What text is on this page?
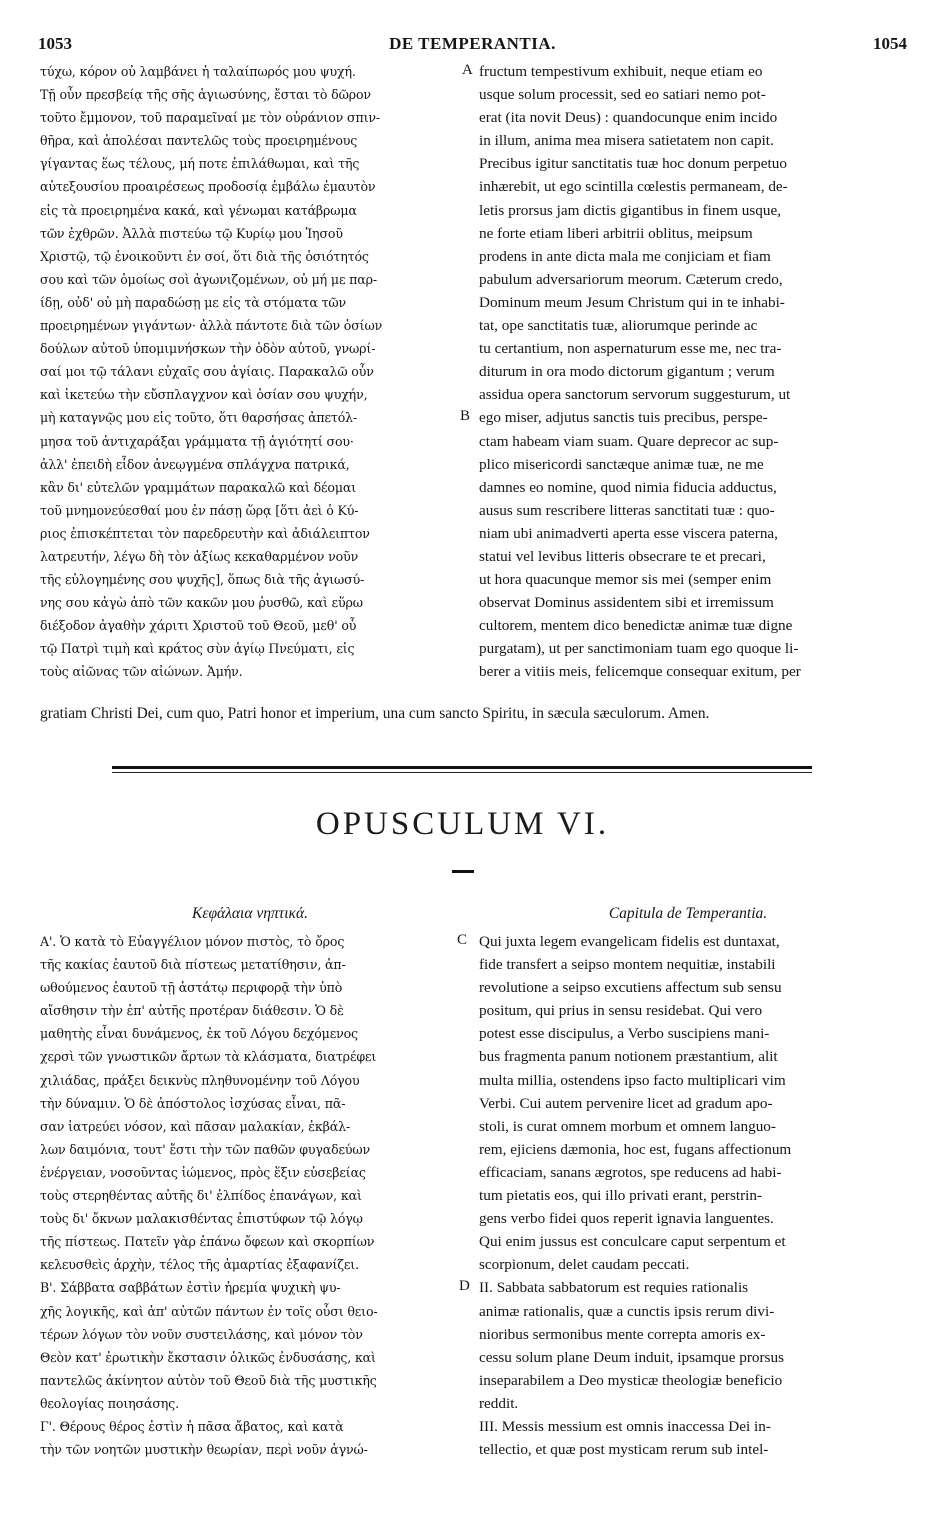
1053	DE TEMPERANTIA.	1054
τύχω, κόρον οὐ λαμβάνει ἡ ταλαίπωρός μου ψυχή.
Τῇ οὖν πρεσβείᾳ τῆς σῆς ἁγιωσύνης, ἔσται τὸ δῶρον
τοῦτο ἔμμονον, τοῦ παραμεῖναί με τὸν οὐράνιον σπιν-
θῆρα, καὶ ἀπολέσαι παντελῶς τοὺς προειρημένους
γίγαντας ἕως τέλους, μή ποτε ἐπιλάθωμαι, καὶ τῆς
αὐτεξουσίου προαιρέσεως προδοσίᾳ ἐμβάλω ἐμαυτὸν
εἰς τὰ προειρημένα κακά, καὶ γένωμαι κατάβρωμα
τῶν ἐχθρῶν. Ἀλλὰ πιστεύω τῷ Κυρίῳ μου Ἰησοῦ
Χριστῷ, τῷ ἐνοικοῦντι ἐν σοί, ὅτι διὰ τῆς ὁσιότητός
σου καὶ τῶν ὁμοίως σοὶ ἀγωνιζομένων, οὐ μή με παρ-
ίδῃ, οὐδ' οὐ μὴ παραδώσῃ με εἰς τὰ στόματα τῶν
προειρημένων γιγάντων· ἀλλὰ πάντοτε διὰ τῶν ὁσίων
δούλων αὐτοῦ ὑπομιμνήσκων τὴν ὁδὸν αὐτοῦ, γνωρί-
σαί μοι τῷ τάλανι εὐχαῖς σου ἁγίαις. Παρακαλῶ οὖν
καὶ ἱκετεύω τὴν εὔσπλαγχνον καὶ ὁσίαν σου ψυχήν,
μὴ καταγνῷς μου εἰς τοῦτο, ὅτι θαρσήσας ἀπετόλ-
μησα τοῦ ἀντιχαράξαι γράμματα τῇ ἁγιότητί σου·
ἀλλ' ἐπειδὴ εἶδον ἀνεῳγμένα σπλάγχνα πατρικά,
κἂν δι' εὐτελῶν γραμμάτων παρακαλῶ καὶ δέομαι
τοῦ μνημονεύεσθαί μου ἐν πάσῃ ὥρᾳ [ὅτι ἀεὶ ὁ Κύ-
ριος ἐπισκέπτεται τὸν παρεδρευτὴν καὶ ἀδιάλειπτον
λατρευτήν, λέγω δὴ τὸν ἀξίως κεκαθαρμένον νοῦν
τῆς εὐλογημένης σου ψυχῆς], ὅπως διὰ τῆς ἁγιωσύ-
νης σου κἀγὼ ἀπὸ τῶν κακῶν μου ῥυσθῶ, καὶ εὕρω
διέξοδον ἀγαθὴν χάριτι Χριστοῦ τοῦ Θεοῦ, μεθ' οὗ
τῷ Πατρὶ τιμὴ καὶ κράτος σὺν ἁγίῳ Πνεύματι, εἰς
τοὺς αἰῶνας τῶν αἰώνων. Ἀμήν.
fructum tempestivum exhibuit, neque etiam eo
usque solum processit, sed eo satiari nemo pot-
erat (ita novit Deus) : quandocunque enim incido
in illum, anima mea misera satietatem non capit.
Precibus igitur sanctitatis tuæ hoc donum perpetuo
inhærebit, ut ego scintilla cœlestis permaneam, de-
letis prorsus jam dictis gigantibus in finem usque,
ne forte etiam liberi arbitrii oblitus, meipsum
prodens in ante dicta mala me conjiciam et fiam
pabulum adversariorum meorum. Cæterum credo,
Dominum meum Jesum Christum qui in te inhabi-
tat, ope sanctitatis tuæ, aliorumque perinde ac
tu certantium, non aspernaturum esse me, nec tra-
diturum in ora modo dictorum gigantum ; verum
assidua opera sanctorum servorum suggesturum, ut
ego miser, adjutus sanctis tuis precibus, perspe-
ctam habeam viam suam. Quare deprecor ac sup-
plico misericordi sanctæque animæ tuæ, ne me
damnes eo nomine, quod nimia fiducia adductus,
ausus sum rescribere litteras sanctitati tuæ : quo-
niam ubi animadverti aperta esse viscera paterna,
statui vel levibus litteris obsecrare te et precari,
ut hora quacunque memor sis mei (semper enim
observat Dominus assidentem sibi et irremissum
cultorem, mentem dico benedictæ animæ tuæ digne
purgatam), ut per sanctimoniam tuam ego quoque li-
berer a vitiis meis, felicemque consequar exitum, per
A
B
gratiam Christi Dei, cum quo, Patri honor et imperium, una cum sancto Spiritu, in sæcula sæculorum. Amen.
OPUSCULUM VI.
Κεφάλαια νηπτικά.	Capitula de Temperantia.
Α'. Ὁ κατὰ τὸ Εὐαγγέλιον μόνον πιστὸς, τὸ ὄρος
τῆς κακίας ἑαυτοῦ διὰ πίστεως μετατίθησιν, ἀπ-
ωθούμενος ἑαυτοῦ τῇ ἀστάτῳ περιφορᾷ τὴν ὑπὸ
αἴσθησιν τὴν ἐπ' αὐτῆς προτέραν διάθεσιν. Ὁ δὲ
μαθητὴς εἶναι δυνάμενος, ἐκ τοῦ Λόγου δεχόμενος
χερσὶ τῶν γνωστικῶν ἄρτων τὰ κλάσματα, διατρέφει
χιλιάδας, πράξει δεικνὺς πληθυνομένην τοῦ Λόγου
τὴν δύναμιν. Ὁ δὲ ἀπόστολος ἰσχύσας εἶναι, πᾶ-
σαν ἰατρεύει νόσον, καὶ πᾶσαν μαλακίαν, ἐκβάλ-
λων δαιμόνια, τουτ' ἔστι τὴν τῶν παθῶν φυγαδεύων
ἐνέργειαν, νοσοῦντας ἰώμενος, πρὸς ἕξιν εὐσεβείας
τοὺς στερηθέντας αὐτῆς δι' ἐλπίδος ἐπανάγων, καὶ
τοὺς δι' ὄκνων μαλακισθέντας ἐπιστύφων τῷ λόγῳ
τῆς πίστεως. Πατεῖν γὰρ ἐπάνω ὄφεων καὶ σκορπίων
κελευσθεὶς ἀρχὴν, τέλος τῆς ἁμαρτίας ἐξαφανίζει.
Β'. Σάββατα σαββάτων ἐστὶν ἠρεμία ψυχικὴ ψυ-
χῆς λογικῆς, καὶ ἀπ' αὐτῶν πάντων ἐν τοῖς οὖσι θειο-
τέρων λόγων τὸν νοῦν συστειλάσης, καὶ μόνον τὸν
Θεὸν κατ' ἐρωτικὴν ἔκστασιν ὁλικῶς ἐνδυσάσης, καὶ
παντελῶς ἀκίνητον αὐτὸν τοῦ Θεοῦ διὰ τῆς μυστικῆς
θεολογίας ποιησάσης.
Γ'. Θέρους θέρος ἐστὶν ἡ πᾶσα ἄβατος, καὶ κατὰ
τὴν τῶν νοητῶν μυστικὴν θεωρίαν, περὶ νοῦν ἀγνώ-
Qui juxta legem evangelicam fidelis est duntaxat,
fide transfert a seipso montem nequitiæ, instabili
revolutione a seipso excutiens affectum sub sensu
positum, qui prius in sensu residebat. Qui vero
potest esse discipulus, a Verbo suscipiens mani-
bus fragmenta panum notionem præstantium, alit
multa millia, ostendens ipso facto multiplicari vim
Verbi. Cui autem pervenire licet ad gradum apo-
stoli, is curat omnem morbum et omnem languo-
rem, ejiciens dæmonia, hoc est, fugans affectionum
efficaciam, sanans ægrotos, spe reducens ad habi-
tum pietatis eos, qui illo privati erant, perstrin-
gens verbo fidei quos reperit ignavia languentes.
Qui enim jussus est conculcare caput serpentum et
scorpionum, delet caudam peccati.
II. Sabbata sabbatorum est requies rationalis
animæ rationalis, quæ a cunctis ipsis rerum divi-
nioribus sermonibus mente correpta amoris ex-
cessu solum plane Deum induit, ipsamque prorsus
inseparabilem a Deo mysticæ theologiæ beneficio
reddit.
III. Messis messium est omnis inaccessa Dei in-
tellectio, et quæ post mysticam rerum sub intel-
C
D
